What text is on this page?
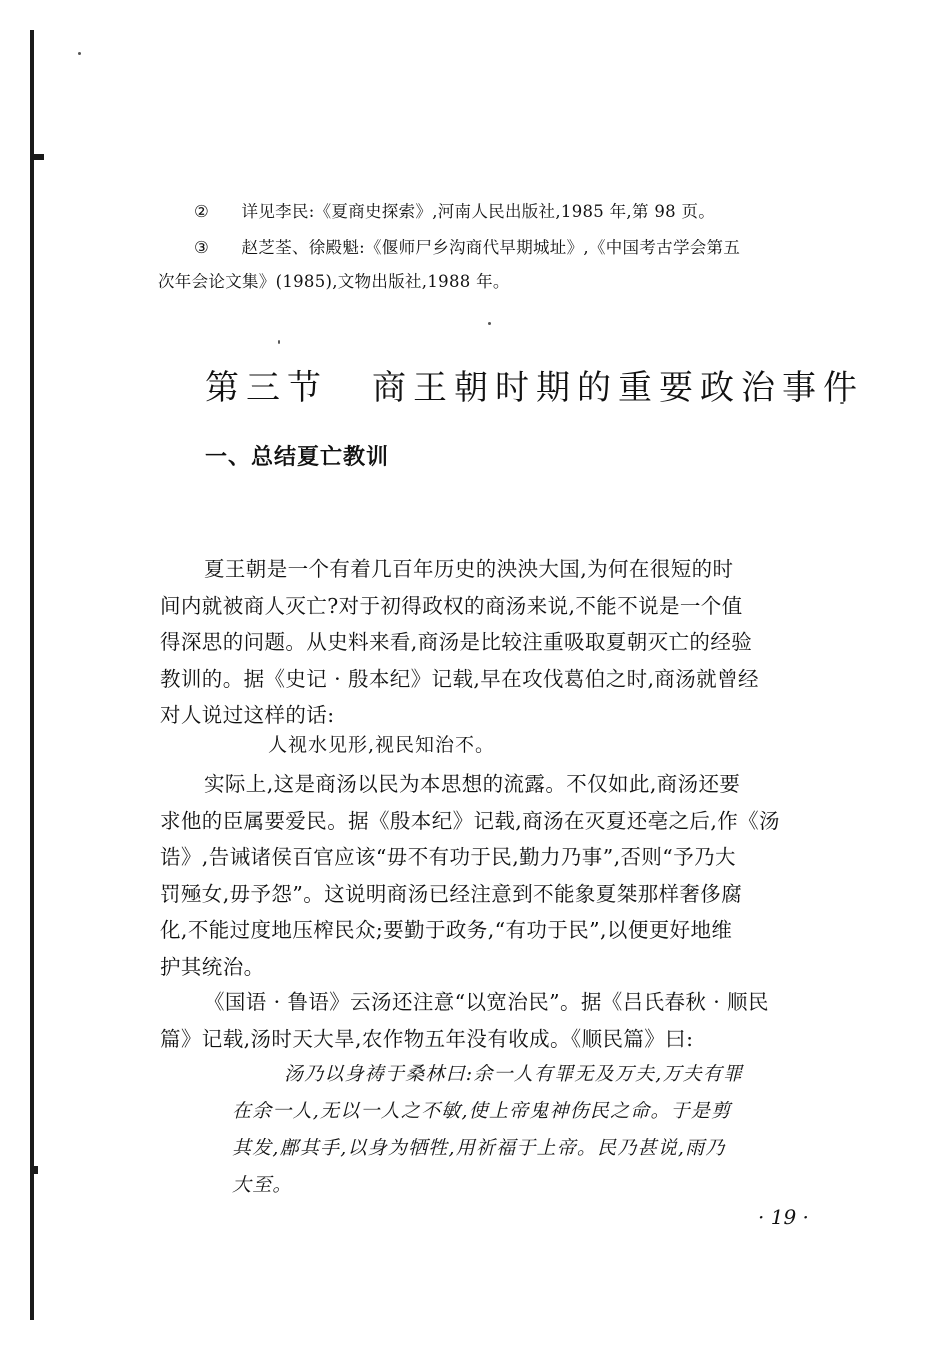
② 详见李民:《夏商史探索》,河南人民出版社,1985 年,第 98 页。
③ 赵芝荃、徐殿魁:《偃师尸乡沟商代早期城址》,《中国考古学会第五
次年会论文集》(1985),文物出版社,1988 年。
第三节 商王朝时期的重要政治事件
一、总结夏亡教训
夏王朝是一个有着几百年历史的泱泱大国,为何在很短的时
间内就被商人灭亡?对于初得政权的商汤来说,不能不说是一个值
得深思的问题。从史料来看,商汤是比较注重吸取夏朝灭亡的经验
教训的。据《史记 · 殷本纪》记载,早在攻伐葛伯之时,商汤就曾经
对人说过这样的话:
人视水见形,视民知治不。
实际上,这是商汤以民为本思想的流露。不仅如此,商汤还要
求他的臣属要爱民。据《殷本纪》记载,商汤在灭夏还亳之后,作《汤
诰》,告诫诸侯百官应该“毋不有功于民,勤力乃事”,否则“予乃大
罚殛女,毋予怨”。这说明商汤已经注意到不能象夏桀那样奢侈腐
化,不能过度地压榨民众;要勤于政务,“有功于民”,以便更好地维
护其统治。
《国语 · 鲁语》云汤还注意“以宽治民”。据《吕氏春秋 · 顺民
篇》记载,汤时天大旱,农作物五年没有收成。《顺民篇》曰:
汤乃以身祷于桑林曰:余一人有罪无及万夫,万夫有罪
在余一人,无以一人之不敏,使上帝鬼神伤民之命。于是剪
其发,鄌其手,以身为牺牲,用祈福于上帝。民乃甚说,雨乃
大至。
· 19 ·
